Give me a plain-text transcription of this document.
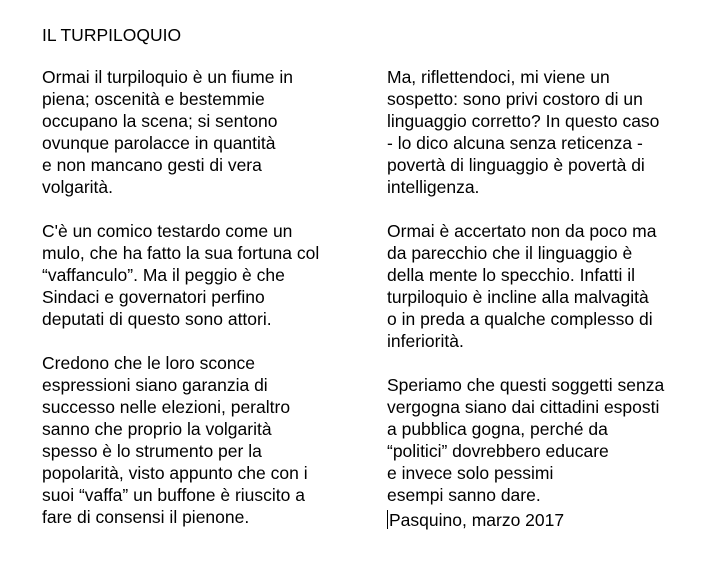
IL TURPILOQUIO
Ormai il turpiloquio è un fiume in
piena; oscenità e bestemmie
occupano la scena; si sentono
ovunque parolacce in quantità
e non mancano gesti di vera
volgarità.
C'è un comico testardo come un
mulo, che ha fatto la sua fortuna col
“vaffanculo”. Ma il peggio è che
Sindaci e governatori perfino
deputati di questo sono attori.
Credono che le loro sconce
espressioni siano garanzia di
successo nelle elezioni, peraltro
sanno che proprio la volgarità
spesso è lo strumento per la
popolarità, visto appunto che con i
suoi “vaffa” un buffone è riuscito a
fare di consensi il pienone.
Ma, riflettendoci, mi viene un
sospetto: sono privi costoro di un
linguaggio corretto? In questo caso
- lo dico alcuna senza reticenza -
povertà di linguaggio è povertà di
intelligenza.
Ormai è accertato non da poco ma
da parecchio che il linguaggio è
della mente lo specchio. Infatti il
turpiloquio è incline alla malvagità
o in preda a qualche complesso di
inferiorità.
Speriamo che questi soggetti senza
vergogna siano dai cittadini esposti
a pubblica gogna, perché da
“politici” dovrebbero educare
e invece solo pessimi
esempi sanno dare.
Pasquino, marzo 2017
